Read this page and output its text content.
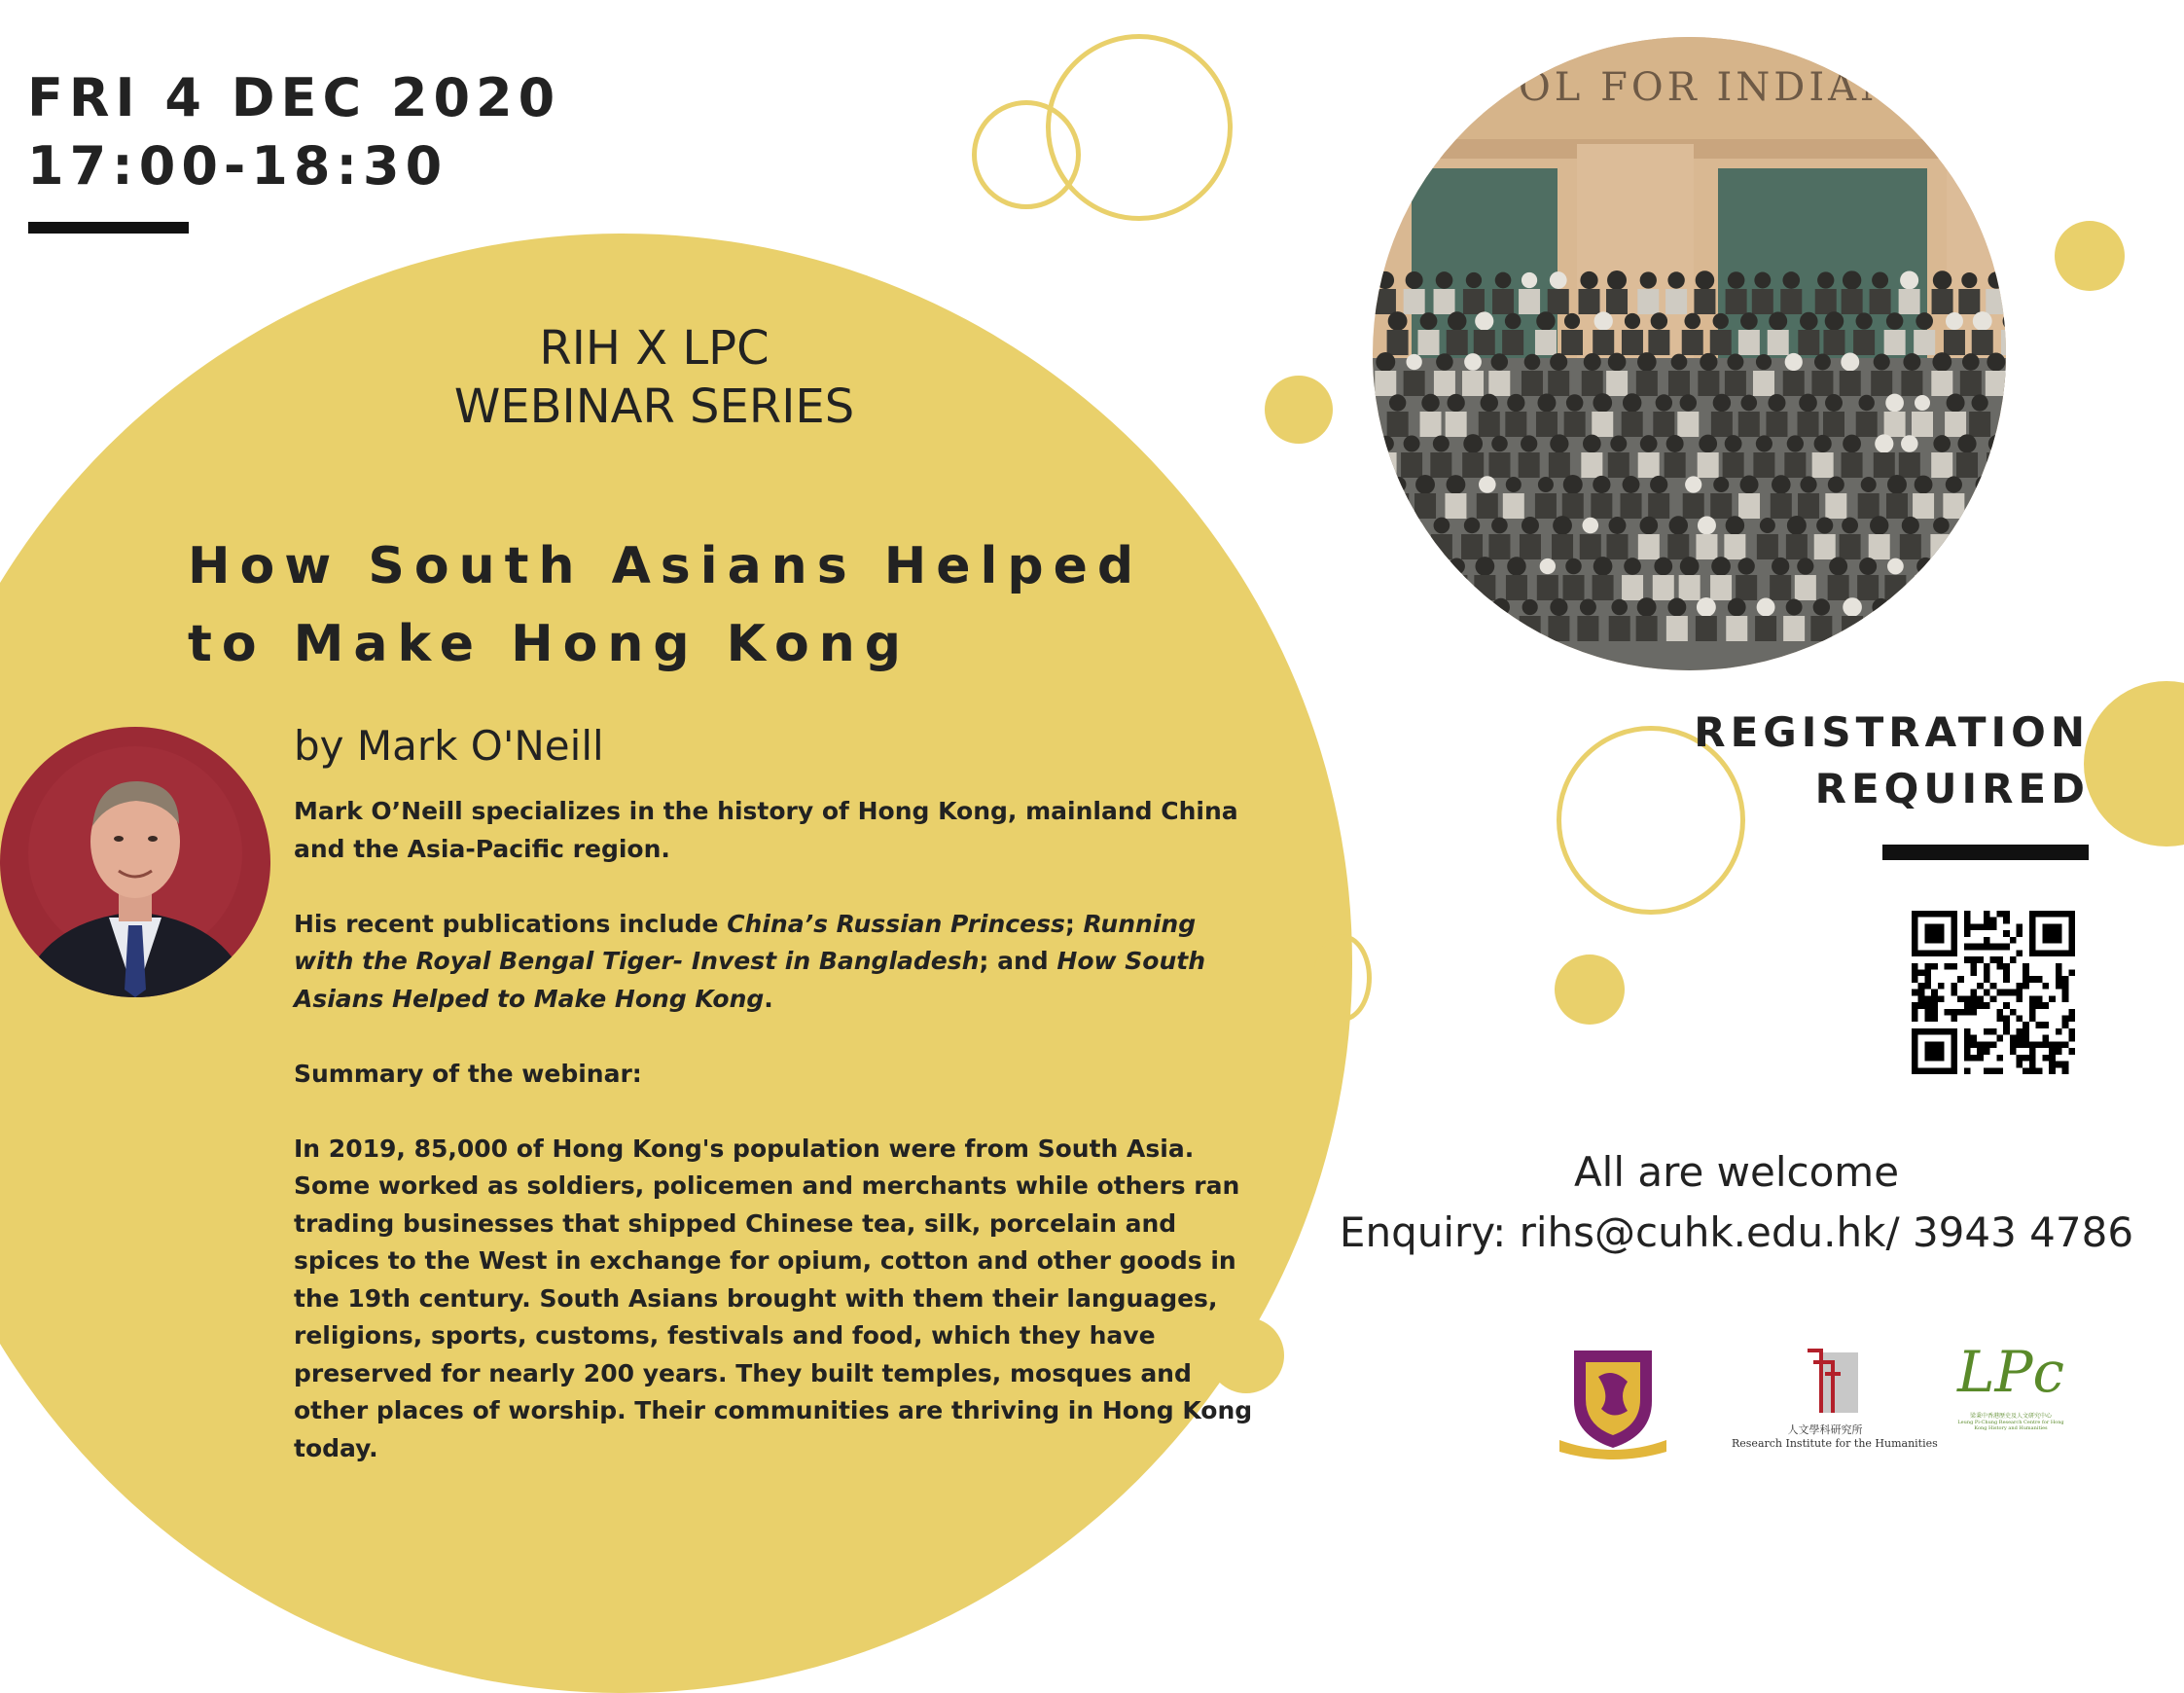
FRI 4 DEC 2020
17:00-18:30
RIH X LPC
WEBINAR SERIES
How South Asians Helped
to Make Hong Kong
by Mark O'Neill

Mark O’Neill specializes in the history of Hong Kong, mainland China and the Asia-Pacific region.

His recent publications include China’s Russian Princess; Running with the Royal Bengal Tiger- Invest in Bangladesh; and How South Asians Helped to Make Hong Kong.

Summary of the webinar:

In 2019, 85,000 of Hong Kong's population were from South Asia. Some worked as soldiers, policemen and merchants while others ran trading businesses that shipped Chinese tea, silk, porcelain and spices to the West in exchange for opium, cotton and other goods in the 19th century. South Asians brought with them their languages, religions, sports, customs, festivals and food, which they have preserved for nearly 200 years. They built temples, mosques and other places of worship. Their communities are thriving in Hong Kong today.

OL FOR INDIANS.
REGISTRATION
REQUIRED
All are welcome
Enquiry: rihs@cuhk.edu.hk/ 3943 4786
人文學科研究所
Research Institute for the Humanities
LPc
梁秉中香港歷史及人文研究中心
Leung Pi-Chung Research Centre for Hong Kong History and Humanities
